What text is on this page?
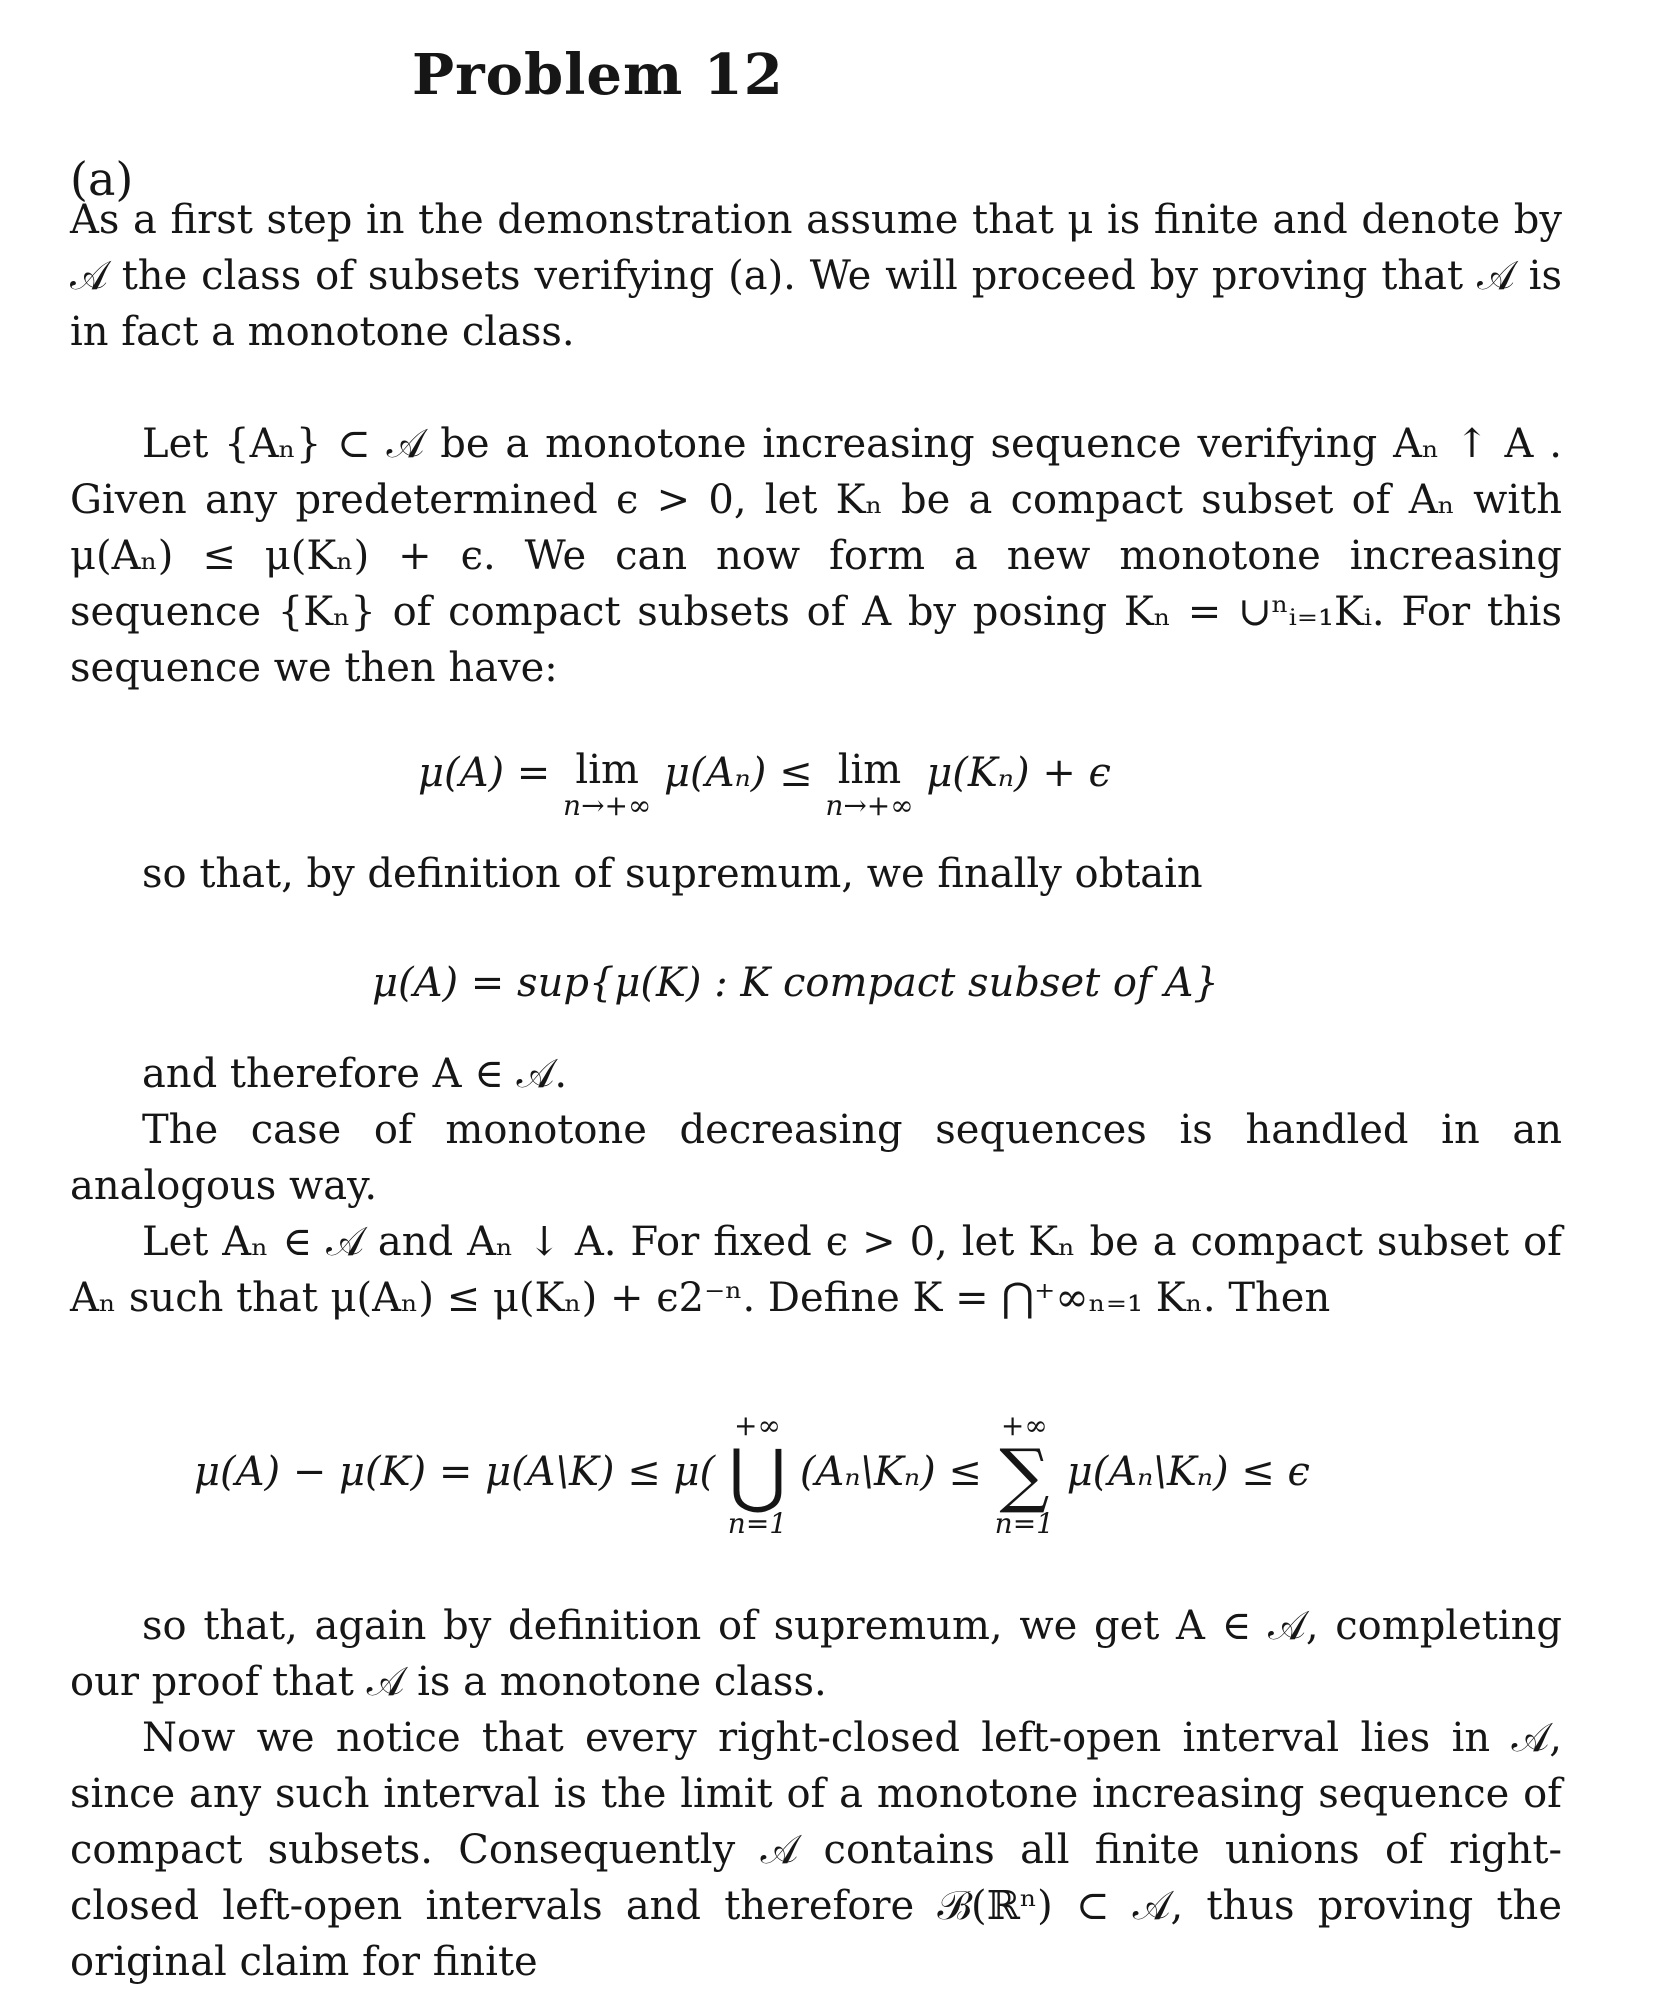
Problem 12
(a)
As a first step in the demonstration assume that μ is finite and denote by 𝒜 the class of subsets verifying (a). We will proceed by proving that 𝒜 is in fact a monotone class.
Let {Aₙ} ⊂ 𝒜 be a monotone increasing sequence verifying Aₙ ↑ A . Given any predetermined ϵ > 0, let Kₙ be a compact subset of Aₙ with μ(Aₙ) ≤ μ(Kₙ) + ϵ. We can now form a new monotone increasing sequence {Kₙ} of compact subsets of A by posing Kₙ = ∪ⁿᵢ₌₁Kᵢ. For this sequence we then have:
μ(A) = lim
n→+∞
μ(Aₙ) ≤ lim
n→+∞
μ(Kₙ) + ϵ
so that, by definition of supremum, we finally obtain
μ(A) = sup{μ(K) : K compact subset of A}
and therefore A ∈ 𝒜.
The case of monotone decreasing sequences is handled in an analogous way.
Let Aₙ ∈ 𝒜 and Aₙ ↓ A. For fixed ϵ > 0, let Kₙ be a compact subset of Aₙ such that μ(Aₙ) ≤ μ(Kₙ) + ϵ2⁻ⁿ. Define K = ⋂⁺∞ₙ₌₁ Kₙ. Then
μ(A) − μ(K) = μ(A\K) ≤ μ(
+∞
⋃
n=1
(Aₙ\Kₙ) ≤
+∞
∑
n=1
μ(Aₙ\Kₙ) ≤ ϵ
so that, again by definition of supremum, we get A ∈ 𝒜, completing our proof that 𝒜 is a monotone class.
Now we notice that every right-closed left-open interval lies in 𝒜, since any such interval is the limit of a monotone increasing sequence of compact subsets. Consequently 𝒜 contains all finite unions of right-closed left-open intervals and therefore ℬ(ℝⁿ) ⊂ 𝒜, thus proving the original claim for finite
